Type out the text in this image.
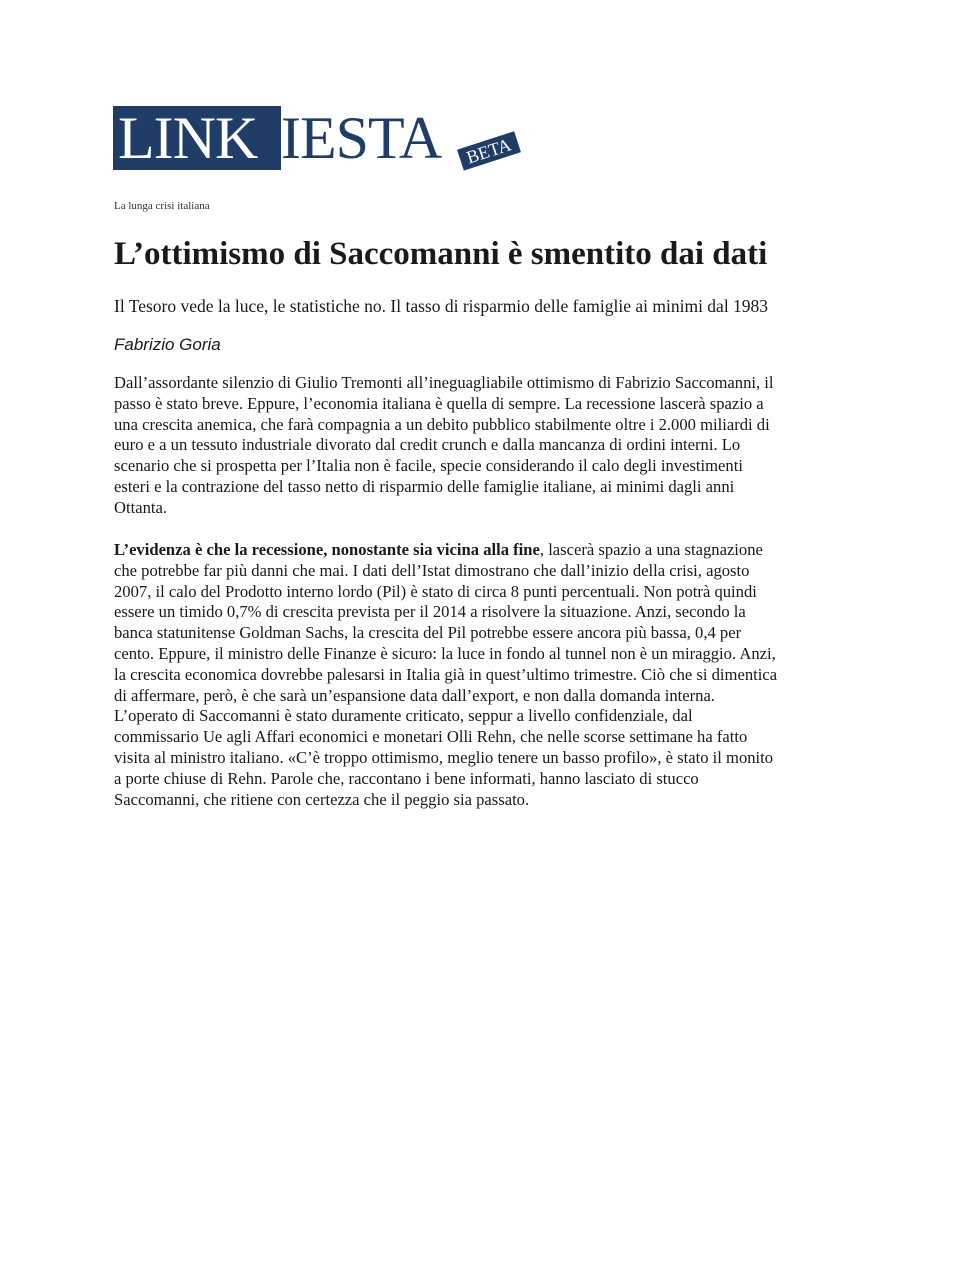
LINK IESTA	BETA
La lunga crisi italiana
L’ottimismo di Saccomanni è smentito dai dati
Il Tesoro vede la luce, le statistiche no. Il tasso di risparmio delle famiglie ai minimi dal 1983
Fabrizio Goria
Dall’assordante silenzio di Giulio Tremonti all’ineguagliabile ottimismo di Fabrizio Saccomanni, il
passo è stato breve. Eppure, l’economia italiana è quella di sempre. La recessione lascerà spazio a
una crescita anemica, che farà compagnia a un debito pubblico stabilmente oltre i 2.000 miliardi di
euro e a un tessuto industriale divorato dal credit crunch e dalla mancanza di ordini interni. Lo
scenario che si prospetta per l’Italia non è facile, specie considerando il calo degli investimenti
esteri e la contrazione del tasso netto di risparmio delle famiglie italiane, ai minimi dagli anni
Ottanta.
L’evidenza è che la recessione, nonostante sia vicina alla fine, lascerà spazio a una stagnazione
che potrebbe far più danni che mai. I dati dell’Istat dimostrano che dall’inizio della crisi, agosto
2007, il calo del Prodotto interno lordo (Pil) è stato di circa 8 punti percentuali. Non potrà quindi
essere un timido 0,7% di crescita prevista per il 2014 a risolvere la situazione. Anzi, secondo la
banca statunitense Goldman Sachs, la crescita del Pil potrebbe essere ancora più bassa, 0,4 per
cento. Eppure, il ministro delle Finanze è sicuro: la luce in fondo al tunnel non è un miraggio. Anzi,
la crescita economica dovrebbe palesarsi in Italia già in quest’ultimo trimestre. Ciò che si dimentica
di affermare, però, è che sarà un’espansione data dall’export, e non dalla domanda interna.
L’operato di Saccomanni è stato duramente criticato, seppur a livello confidenziale, dal
commissario Ue agli Affari economici e monetari Olli Rehn, che nelle scorse settimane ha fatto
visita al ministro italiano. «C’è troppo ottimismo, meglio tenere un basso profilo», è stato il monito
a porte chiuse di Rehn. Parole che, raccontano i bene informati, hanno lasciato di stucco
Saccomanni, che ritiene con certezza che il peggio sia passato.
